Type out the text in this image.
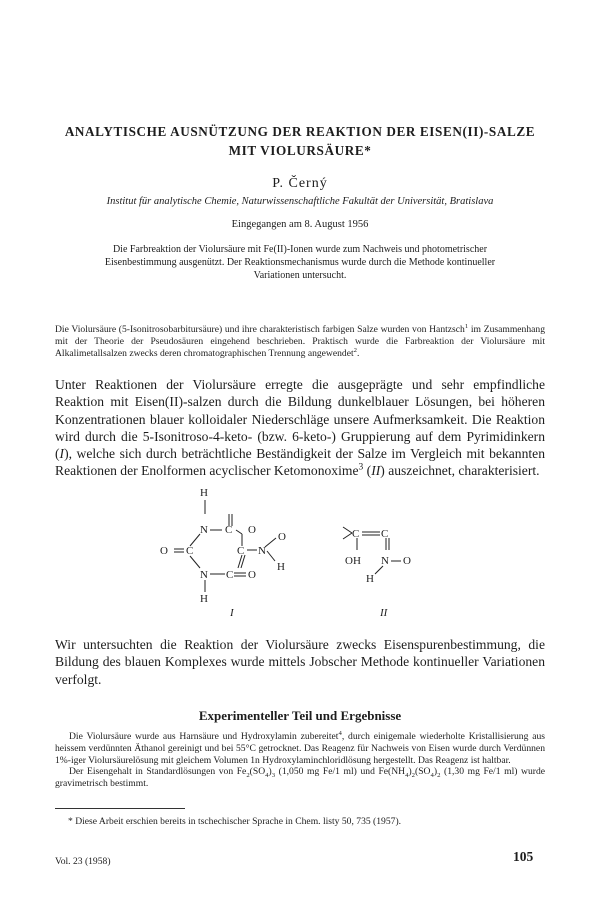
ANALYTISCHE AUSNÜTZUNG DER REAKTION DER EISEN(II)-SALZE
MIT VIOLURSÄURE*
P. Černý
Institut für analytische Chemie, Naturwissenschaftliche Fakultät der Universität, Bratislava
Eingegangen am 8. August 1956
Die Farbreaktion der Violursäure mit Fe(II)-Ionen wurde zum Nachweis und photometrischer Eisenbestimmung ausgenützt. Der Reaktionsmechanismus wurde durch die Methode kontinueller Variationen untersucht.
Die Violursäure (5-Isonitrosobarbitursäure) und ihre charakteristisch farbigen Salze wurden von Hantzsch$^1$ im Zusammenhang mit der Theorie der Pseudosäuren eingehend beschrieben. Praktisch wurde die Farbreaktion der Violursäure mit Alkalimetallsalzen zwecks deren chromatographischen Trennung angewendet$^2$.
Unter Reaktionen der Violursäure erregte die ausgeprägte und sehr empfindliche Reaktion mit Eisen(II)-salzen durch die Bildung dunkelblauer Lösungen, bei höheren Konzentrationen blauer kolloidaler Niederschläge unsere Aufmerksamkeit. Die Reaktion wird durch die 5-Isonitroso-4-keto- (bzw. 6-keto-) Gruppierung auf dem Pyrimidinkern (I), welche sich durch beträchtliche Beständigkeit der Salze im Vergleich mit bekannten Reaktionen der Enolformen acyclischer Ketomonoxime$^3$ (II) auszeichnet, charakterisiert.
H
N C O
O C	C N
O
H
N C O
H
I
C C
OH N O
H
II
Wir untersuchten die Reaktion der Violursäure zwecks Eisenspurenbestimmung, die Bildung des blauen Komplexes wurde mittels Jobscher Methode kontinueller Variationen verfolgt.
Experimenteller Teil und Ergebnisse

Die Violursäure wurde aus Harnsäure und Hydroxylamin zubereitet$^4$, durch einigemale wiederholte Kristallisierung aus heissem verdünnten Äthanol gereinigt und bei 55°C getrocknet. Das Reagenz für Nachweis von Eisen wurde durch Verdünnen 1%-iger Violursäurelösung mit gleichem Volumen 1n Hydroxylaminchloridlösung hergestellt. Das Reagenz ist haltbar.

Der Eisengehalt in Standardlösungen von $Fe_2(SO_4)_3$ (1,050 mg Fe/1 ml) und $Fe(NH_4)_2(SO_4)_2$ (1,30 mg Fe/1 ml) wurde gravimetrisch bestimmt.

* Diese Arbeit erschien bereits in tschechischer Sprache in Chem. listy 50, 735 (1957).
Vol. 23 (1958)	105
